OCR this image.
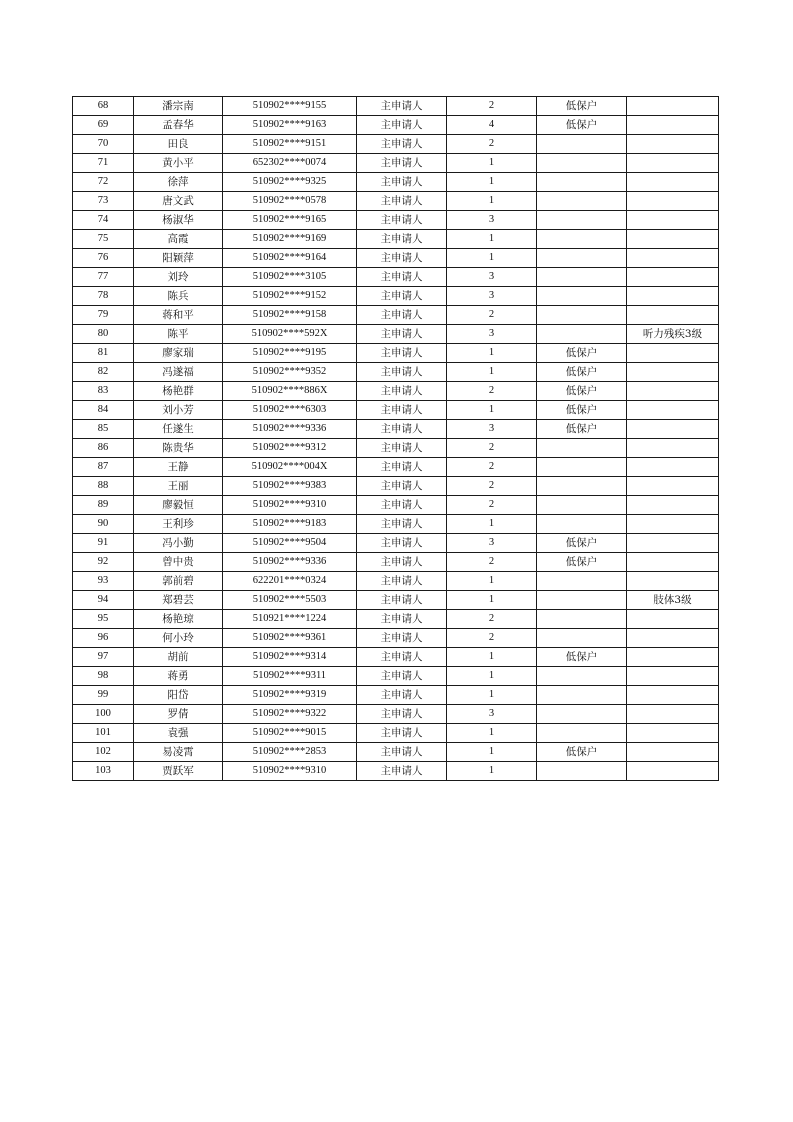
68	潘宗南	510902****9155	主申请人	2	低保户	
69	孟春华	510902****9163	主申请人	4	低保户	
70	田良	510902****9151	主申请人	2		
71	黄小平	652302****0074	主申请人	1		
72	徐萍	510902****9325	主申请人	1		
73	唐文武	510902****0578	主申请人	1		
74	杨淑华	510902****9165	主申请人	3		
75	高霞	510902****9169	主申请人	1		
76	阳颖萍	510902****9164	主申请人	1		
77	刘玲	510902****3105	主申请人	3		
78	陈兵	510902****9152	主申请人	3		
79	蒋和平	510902****9158	主申请人	2		
80	陈平	510902****592X	主申请人	3		听力残疾3级
81	廖家瑞	510902****9195	主申请人	1	低保户	
82	冯遂福	510902****9352	主申请人	1	低保户	
83	杨艳群	510902****886X	主申请人	2	低保户	
84	刘小芳	510902****6303	主申请人	1	低保户	
85	任遂生	510902****9336	主申请人	3	低保户	
86	陈贵华	510902****9312	主申请人	2		
87	王静	510902****004X	主申请人	2		
88	王丽	510902****9383	主申请人	2		
89	廖毅恒	510902****9310	主申请人	2		
90	王利珍	510902****9183	主申请人	1		
91	冯小勤	510902****9504	主申请人	3	低保户	
92	曾中贵	510902****9336	主申请人	2	低保户	
93	郭前碧	622201****0324	主申请人	1		
94	郑碧芸	510902****5503	主申请人	1		肢体3级
95	杨艳琼	510921****1224	主申请人	2		
96	何小玲	510902****9361	主申请人	2		
97	胡前	510902****9314	主申请人	1	低保户	
98	蒋勇	510902****9311	主申请人	1		
99	阳岱	510902****9319	主申请人	1		
100	罗倩	510902****9322	主申请人	3		
101	袁强	510902****9015	主申请人	1		
102	易凌霄	510902****2853	主申请人	1	低保户	
103	贾跃军	510902****9310	主申请人	1		
